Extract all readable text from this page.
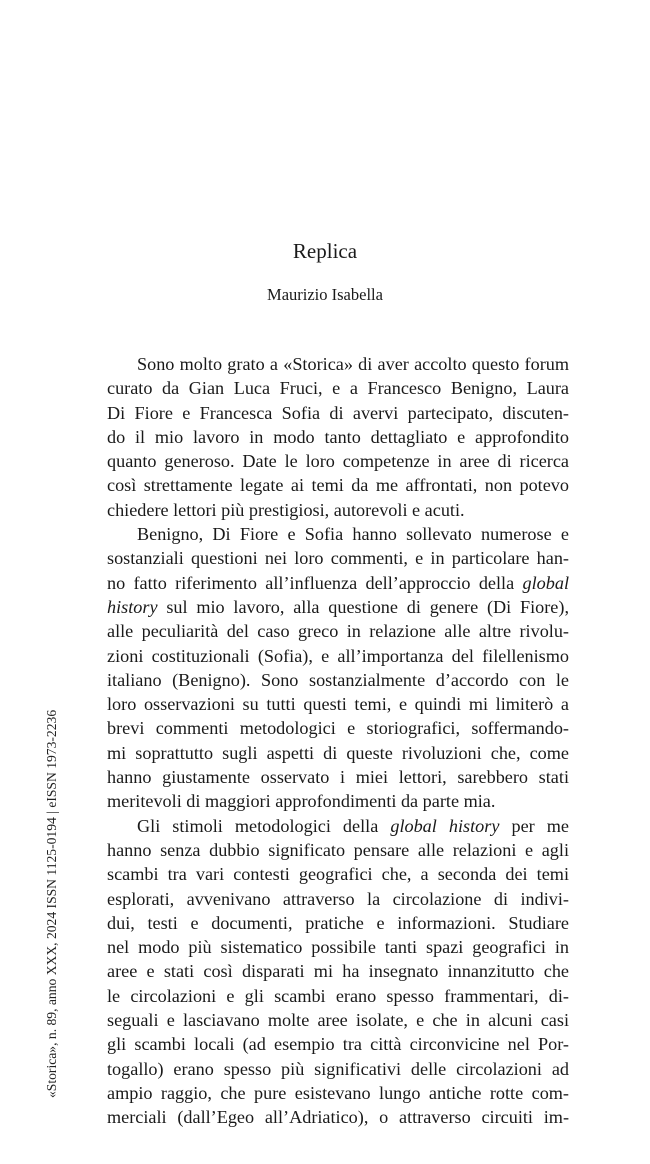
Replica
Maurizio Isabella
Sono molto grato a «Storica» di aver accolto questo forum
curato da Gian Luca Fruci, e a Francesco Benigno, Laura
Di Fiore e Francesca Sofia di avervi partecipato, discuten-
do il mio lavoro in modo tanto dettagliato e approfondito
quanto generoso. Date le loro competenze in aree di ricerca
così strettamente legate ai temi da me affrontati, non potevo
chiedere lettori più prestigiosi, autorevoli e acuti.
Benigno, Di Fiore e Sofia hanno sollevato numerose e
sostanziali questioni nei loro commenti, e in particolare han-
no fatto riferimento all’influenza dell’approccio della global
history sul mio lavoro, alla questione di genere (Di Fiore),
alle peculiarità del caso greco in relazione alle altre rivolu-
zioni costituzionali (Sofia), e all’importanza del filellenismo
italiano (Benigno). Sono sostanzialmente d’accordo con le
loro osservazioni su tutti questi temi, e quindi mi limiterò a
brevi commenti metodologici e storiografici, soffermando-
mi soprattutto sugli aspetti di queste rivoluzioni che, come
hanno giustamente osservato i miei lettori, sarebbero stati
meritevoli di maggiori approfondimenti da parte mia.
Gli stimoli metodologici della global history per me
hanno senza dubbio significato pensare alle relazioni e agli
scambi tra vari contesti geografici che, a seconda dei temi
esplorati, avvenivano attraverso la circolazione di indivi-
dui, testi e documenti, pratiche e informazioni. Studiare
nel modo più sistematico possibile tanti spazi geografici in
aree e stati così disparati mi ha insegnato innanzitutto che
le circolazioni e gli scambi erano spesso frammentari, di-
seguali e lasciavano molte aree isolate, e che in alcuni casi
gli scambi locali (ad esempio tra città circonvicine nel Por-
togallo) erano spesso più significativi delle circolazioni ad
ampio raggio, che pure esistevano lungo antiche rotte com-
merciali (dall’Egeo all’Adriatico), o attraverso circuiti im-
«Storica», n. 89, anno XXX, 2024 ISSN 1125-0194 | eISSN 1973-2236
